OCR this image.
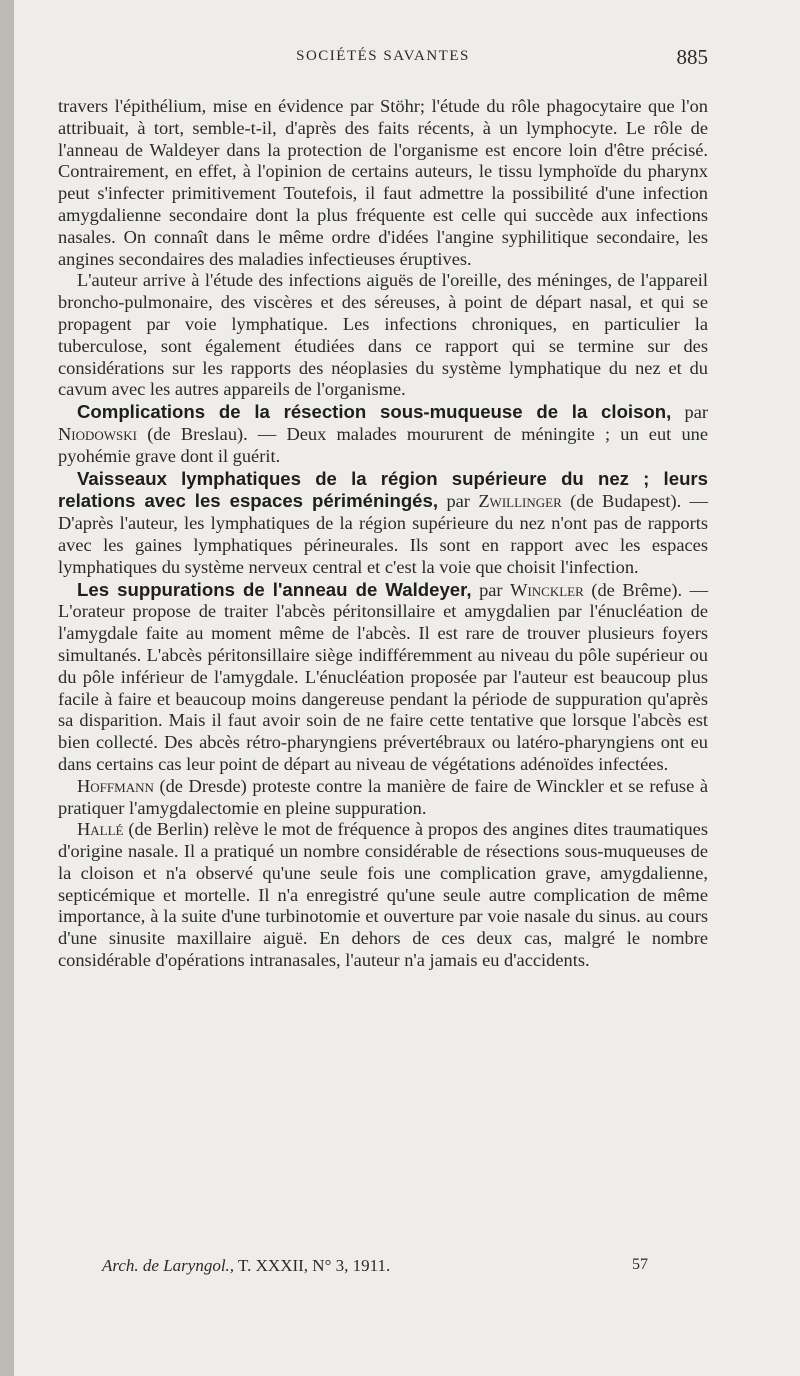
SOCIÉTÉS SAVANTES	885

travers l'épithélium, mise en évidence par Stöhr; l'étude du rôle phagocytaire que l'on attribuait, à tort, semble-t-il, d'après des faits récents, à un lymphocyte. Le rôle de l'anneau de Waldeyer dans la protection de l'organisme est encore loin d'être précisé. Contrairement, en effet, à l'opinion de certains auteurs, le tissu lymphoïde du pharynx peut s'infecter primitivement Toutefois, il faut admettre la possibilité d'une infection amygdalienne secondaire dont la plus fréquente est celle qui succède aux infections nasales. On connaît dans le même ordre d'idées l'angine syphilitique secondaire, les angines secondaires des maladies infectieuses éruptives.

L'auteur arrive à l'étude des infections aiguës de l'oreille, des méninges, de l'appareil broncho-pulmonaire, des viscères et des séreuses, à point de départ nasal, et qui se propagent par voie lymphatique. Les infections chroniques, en particulier la tuberculose, sont également étudiées dans ce rapport qui se termine sur des considérations sur les rapports des néoplasies du système lymphatique du nez et du cavum avec les autres appareils de l'organisme.

Complications de la résection sous-muqueuse de la cloison, par Niodowski (de Breslau). — Deux malades moururent de méningite ; un eut une pyohémie grave dont il guérit.

Vaisseaux lymphatiques de la région supérieure du nez ; leurs relations avec les espaces périméningés, par Zwillinger (de Budapest). — D'après l'auteur, les lymphatiques de la région supérieure du nez n'ont pas de rapports avec les gaines lymphatiques périneurales. Ils sont en rapport avec les espaces lymphatiques du système nerveux central et c'est la voie que choisit l'infection.

Les suppurations de l'anneau de Waldeyer, par Winckler (de Brême). — L'orateur propose de traiter l'abcès péritonsillaire et amygdalien par l'énucléation de l'amygdale faite au moment même de l'abcès. Il est rare de trouver plusieurs foyers simultanés. L'abcès péritonsillaire siège indifféremment au niveau du pôle supérieur ou du pôle inférieur de l'amygdale. L'énucléation proposée par l'auteur est beaucoup plus facile à faire et beaucoup moins dangereuse pendant la période de suppuration qu'après sa disparition. Mais il faut avoir soin de ne faire cette tentative que lorsque l'abcès est bien collecté. Des abcès rétro-pharyngiens prévertébraux ou latéro-pharyngiens ont eu dans certains cas leur point de départ au niveau de végétations adénoïdes infectées.

Hoffmann (de Dresde) proteste contre la manière de faire de Winckler et se refuse à pratiquer l'amygdalectomie en pleine suppuration.

Hallé (de Berlin) relève le mot de fréquence à propos des angines dites traumatiques d'origine nasale. Il a pratiqué un nombre considérable de résections sous-muqueuses de la cloison et n'a observé qu'une seule fois une complication grave, amygdalienne, septicémique et mortelle. Il n'a enregistré qu'une seule autre complication de même importance, à la suite d'une turbinotomie et ouverture par voie nasale du sinus. au cours d'une sinusite maxillaire aiguë. En dehors de ces deux cas, malgré le nombre considérable d'opérations intranasales, l'auteur n'a jamais eu d'accidents.

Arch. de Laryngol., T. XXXII, N° 3, 1911.	57
